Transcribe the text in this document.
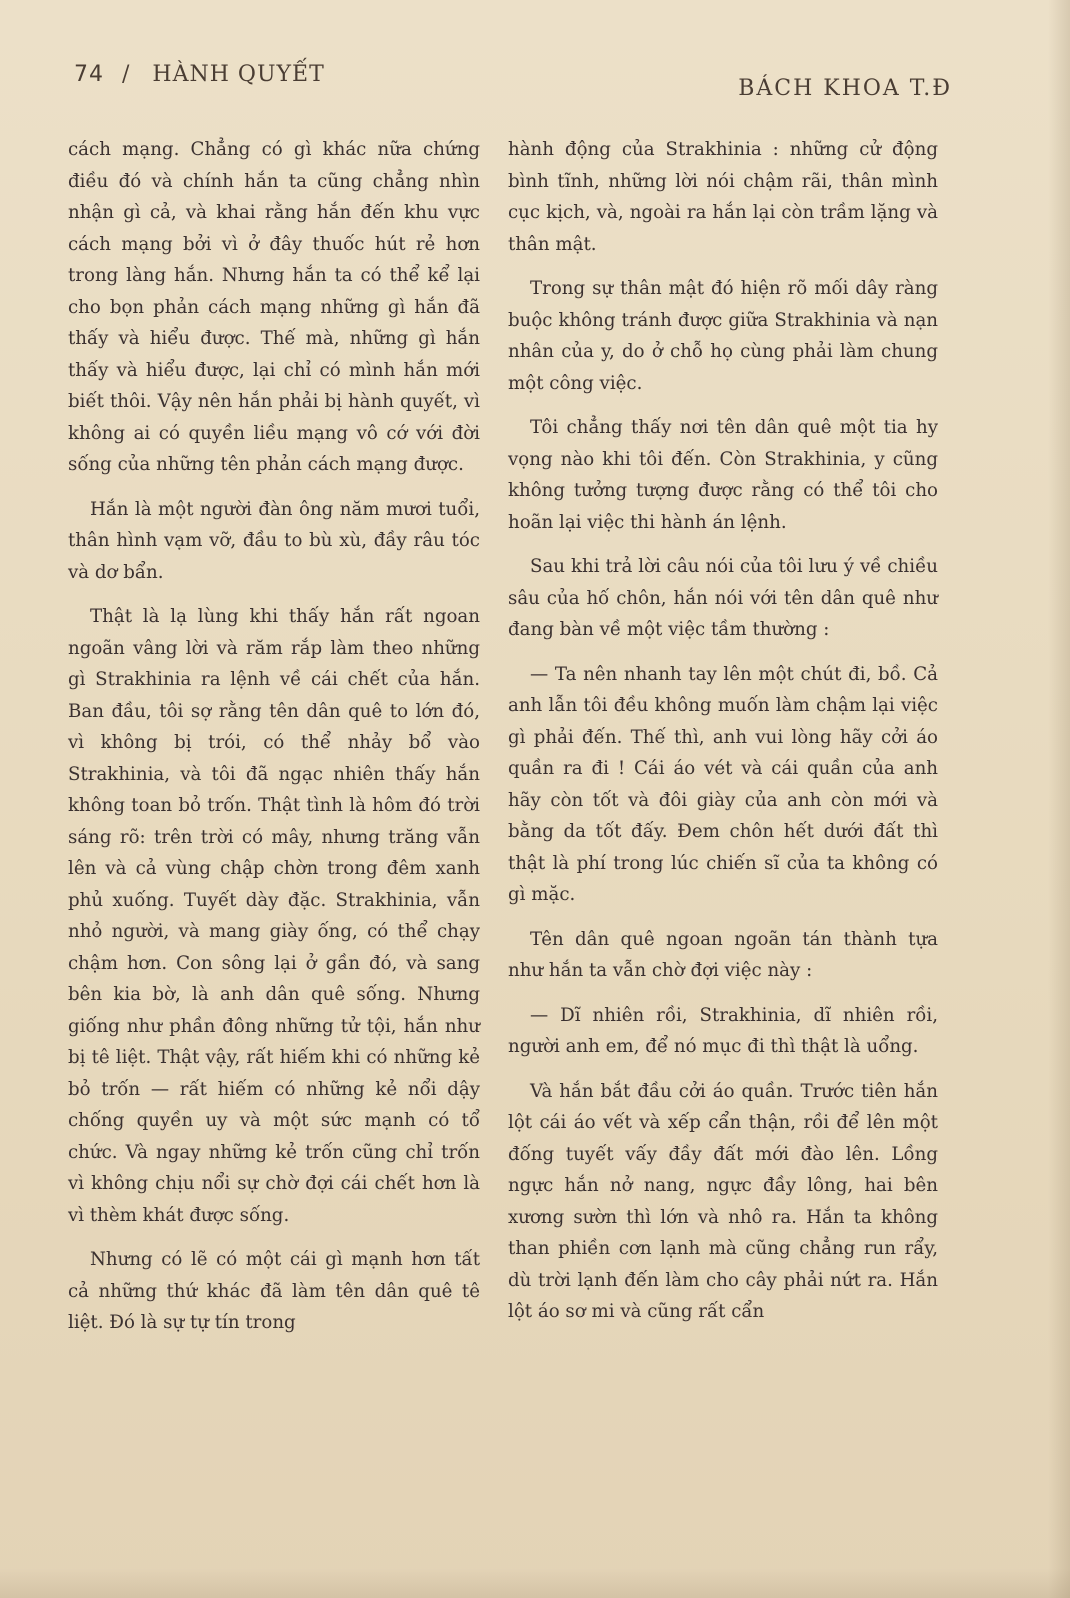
74 / HÀNH QUYẾT
BÁCH KHOA T.Đ

cách mạng. Chẳng có gì khác nữa chứng điều đó và chính hắn ta cũng chẳng nhìn nhận gì cả, và khai rằng hắn đến khu vực cách mạng bởi vì ở đây thuốc hút rẻ hơn trong làng hắn. Nhưng hắn ta có thể kể lại cho bọn phản cách mạng những gì hắn đã thấy và hiểu được. Thế mà, những gì hắn thấy và hiểu được, lại chỉ có mình hắn mới biết thôi. Vậy nên hắn phải bị hành quyết, vì không ai có quyền liều mạng vô cớ với đời sống của những tên phản cách mạng được.

Hắn là một người đàn ông năm mươi tuổi, thân hình vạm vỡ, đầu to bù xù, đầy râu tóc và dơ bẩn.

Thật là lạ lùng khi thấy hắn rất ngoan ngoãn vâng lời và răm rắp làm theo những gì Strakhinia ra lệnh về cái chết của hắn. Ban đầu, tôi sợ rằng tên dân quê to lớn đó, vì không bị trói, có thể nhảy bổ vào Strakhinia, và tôi đã ngạc nhiên thấy hắn không toan bỏ trốn. Thật tình là hôm đó trời sáng rõ: trên trời có mây, nhưng trăng vẫn lên và cả vùng chập chờn trong đêm xanh phủ xuống. Tuyết dày đặc. Strakhinia, vẫn nhỏ người, và mang giày ống, có thể chạy chậm hơn. Con sông lại ở gần đó, và sang bên kia bờ, là anh dân quê sống. Nhưng giống như phần đông những tử tội, hắn như bị tê liệt. Thật vậy, rất hiếm khi có những kẻ bỏ trốn — rất hiếm có những kẻ nổi dậy chống quyền uy và một sức mạnh có tổ chức. Và ngay những kẻ trốn cũng chỉ trốn vì không chịu nổi sự chờ đợi cái chết hơn là vì thèm khát được sống.

Nhưng có lẽ có một cái gì mạnh hơn tất cả những thứ khác đã làm tên dân quê tê liệt. Đó là sự tự tín trong

hành động của Strakhinia : những cử động bình tĩnh, những lời nói chậm rãi, thân mình cục kịch, và, ngoài ra hắn lại còn trầm lặng và thân mật.

Trong sự thân mật đó hiện rõ mối dây ràng buộc không tránh được giữa Strakhinia và nạn nhân của y, do ở chỗ họ cùng phải làm chung một công việc.

Tôi chẳng thấy nơi tên dân quê một tia hy vọng nào khi tôi đến. Còn Strakhinia, y cũng không tưởng tượng được rằng có thể tôi cho hoãn lại việc thi hành án lệnh.

Sau khi trả lời câu nói của tôi lưu ý về chiều sâu của hố chôn, hắn nói với tên dân quê như đang bàn về một việc tầm thường :

— Ta nên nhanh tay lên một chút đi, bồ. Cả anh lẫn tôi đều không muốn làm chậm lại việc gì phải đến. Thế thì, anh vui lòng hãy cởi áo quần ra đi ! Cái áo vét và cái quần của anh hãy còn tốt và đôi giày của anh còn mới và bằng da tốt đấy. Đem chôn hết dưới đất thì thật là phí trong lúc chiến sĩ của ta không có gì mặc.

Tên dân quê ngoan ngoãn tán thành tựa như hắn ta vẫn chờ đợi việc này :

— Dĩ nhiên rồi, Strakhinia, dĩ nhiên rồi, người anh em, để nó mục đi thì thật là uổng.

Và hắn bắt đầu cởi áo quần. Trước tiên hắn lột cái áo vết và xếp cẩn thận, rồi để lên một đống tuyết vấy đầy đất mới đào lên. Lồng ngực hắn nở nang, ngực đầy lông, hai bên xương sườn thì lớn và nhô ra. Hắn ta không than phiền cơn lạnh mà cũng chẳng run rẩy, dù trời lạnh đến làm cho cây phải nứt ra. Hắn lột áo sơ mi và cũng rất cẩn
